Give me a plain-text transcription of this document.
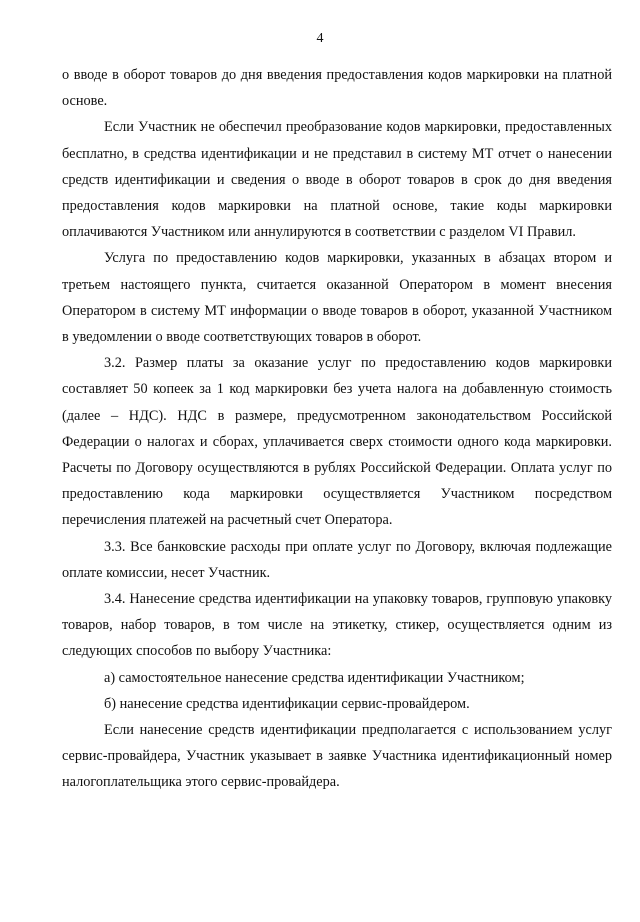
4

о вводе в оборот товаров до дня введения предоставления кодов маркировки на платной основе.

Если Участник не обеспечил преобразование кодов маркировки, предоставленных бесплатно, в средства идентификации и не представил в систему МТ отчет о нанесении средств идентификации и сведения о вводе в оборот товаров в срок до дня введения предоставления кодов маркировки на платной основе, такие коды маркировки оплачиваются Участником или аннулируются в соответствии с разделом VI Правил.

Услуга по предоставлению кодов маркировки, указанных в абзацах втором и третьем настоящего пункта, считается оказанной Оператором в момент внесения Оператором в систему МТ информации о вводе товаров в оборот, указанной Участником в уведомлении о вводе соответствующих товаров в оборот.

3.2. Размер платы за оказание услуг по предоставлению кодов маркировки составляет 50 копеек за 1 код маркировки без учета налога на добавленную стоимость (далее – НДС). НДС в размере, предусмотренном законодательством Российской Федерации о налогах и сборах, уплачивается сверх стоимости одного кода маркировки. Расчеты по Договору осуществляются в рублях Российской Федерации. Оплата услуг по предоставлению кода маркировки осуществляется Участником посредством перечисления платежей на расчетный счет Оператора.

3.3. Все банковские расходы при оплате услуг по Договору, включая подлежащие оплате комиссии, несет Участник.

3.4. Нанесение средства идентификации на упаковку товаров, групповую упаковку товаров, набор товаров, в том числе на этикетку, стикер, осуществляется одним из следующих способов по выбору Участника:

а) самостоятельное нанесение средства идентификации Участником;

б) нанесение средства идентификации сервис-провайдером.

Если нанесение средств идентификации предполагается с использованием услуг сервис-провайдера, Участник указывает в заявке Участника идентификационный номер налогоплательщика этого сервис-провайдера.
